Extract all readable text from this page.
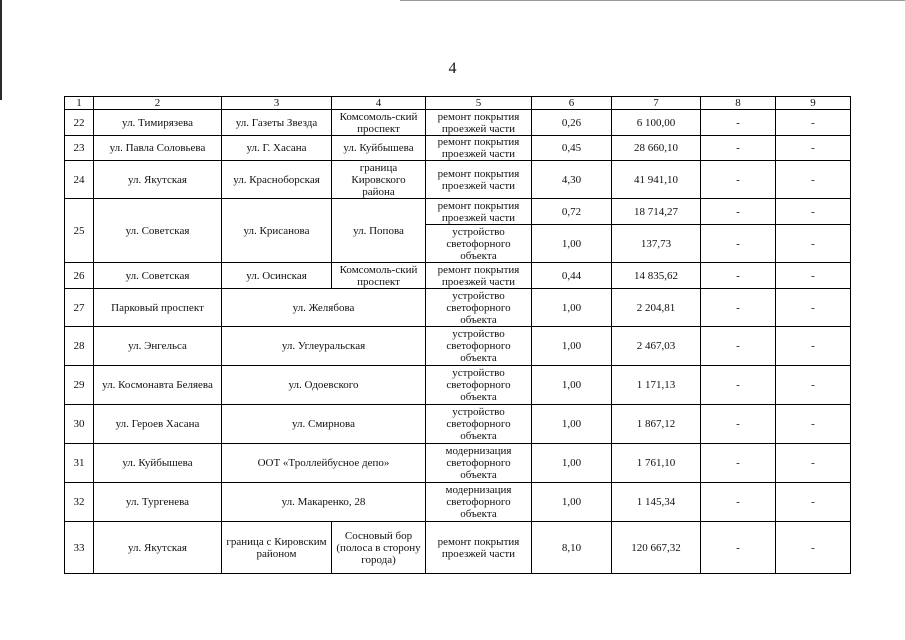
4
1	2	3	4	5	6	7	8	9
22	ул. Тимирязева	ул. Газеты Звезда	Комсомоль-ский проспект	ремонт покрытия проезжей части	0,26	6 100,00	-	-
23	ул. Павла Соловьева	ул. Г. Хасана	ул. Куйбышева	ремонт покрытия проезжей части	0,45	28 660,10	-	-
24	ул. Якутская	ул. Красноборская	граница Кировского района	ремонт покрытия проезжей части	4,30	41 941,10	-	-
25	ул. Советская	ул. Крисанова	ул. Попова	ремонт покрытия проезжей части	0,72	18 714,27	-	-
				устройство светофорного объекта	1,00	137,73	-	-
26	ул. Советская	ул. Осинская	Комсомоль-ский проспект	ремонт покрытия проезжей части	0,44	14 835,62	-	-
27	Парковый проспект	ул. Желябова		устройство светофорного объекта	1,00	2 204,81	-	-
28	ул. Энгельса	ул. Углеуральская		устройство светофорного объекта	1,00	2 467,03	-	-
29	ул. Космонавта Беляева	ул. Одоевского		устройство светофорного объекта	1,00	1 171,13	-	-
30	ул. Героев Хасана	ул. Смирнова		устройство светофорного объекта	1,00	1 867,12	-	-
31	ул. Куйбышева	ООТ «Троллейбусное депо»		модернизация светофорного объекта	1,00	1 761,10	-	-
32	ул. Тургенева	ул. Макаренко, 28		модернизация светофорного объекта	1,00	1 145,34	-	-
33	ул. Якутская	граница с Кировским районом	Сосновый бор (полоса в сторону города)	ремонт покрытия проезжей части	8,10	120 667,32	-	-
